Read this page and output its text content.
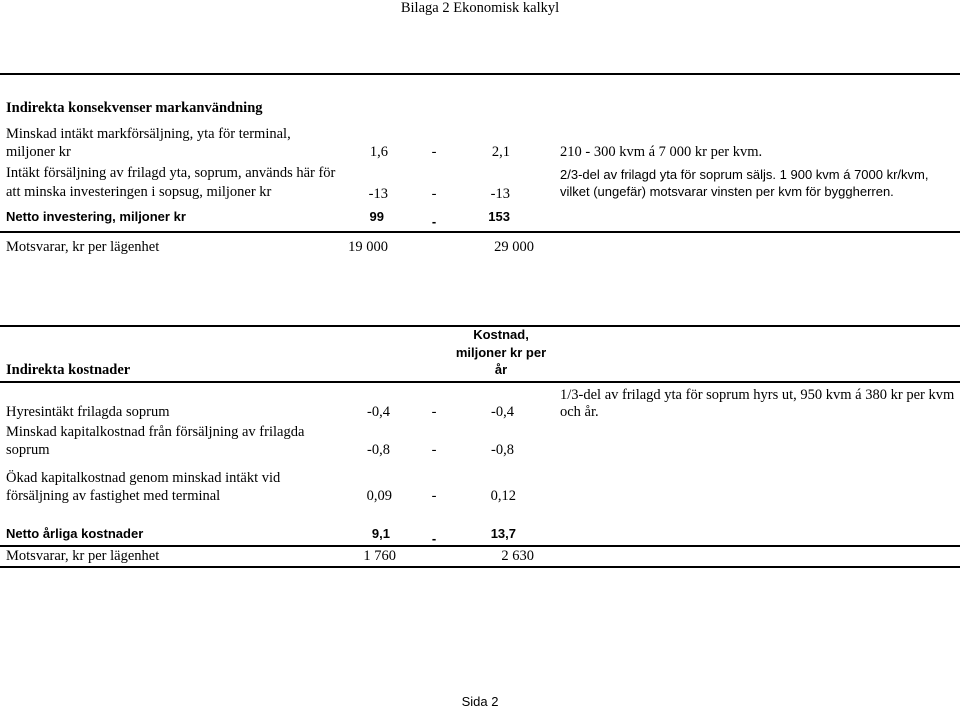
Bilaga 2 Ekonomisk kalkyl
Indirekta konsekvenser markanvändning
Minskad intäkt markförsäljning, yta för terminal,
miljoner kr	1,6	-	2,1	210 - 300 kvm á 7 000 kr per kvm.
Intäkt försäljning av frilagd yta, soprum, används här för
att minska investeringen i sopsug, miljoner kr	-13	-	-13
2/3-del av frilagd yta för soprum säljs. 1 900 kvm á 7000 kr/kvm,
vilket (ungefär) motsvarar vinsten per kvm för byggherren.
Netto investering, miljoner kr	99	-	153
Motsvarar, kr per lägenhet	19 000	29 000
Kostnad,
miljoner kr per
år
Indirekta kostnader
1/3-del av frilagd yta för soprum hyrs ut, 950 kvm á 380 kr per kvm
och år.
Hyresintäkt frilagda soprum	-0,4	-	-0,4
Minskad kapitalkostnad från försäljning av frilagda
soprum	-0,8	-	-0,8
Ökad kapitalkostnad genom minskad intäkt vid
försäljning av fastighet med terminal	0,09	-	0,12
Netto årliga kostnader	9,1	-	13,7
Motsvarar, kr per lägenhet	1 760	2 630
Sida 2
